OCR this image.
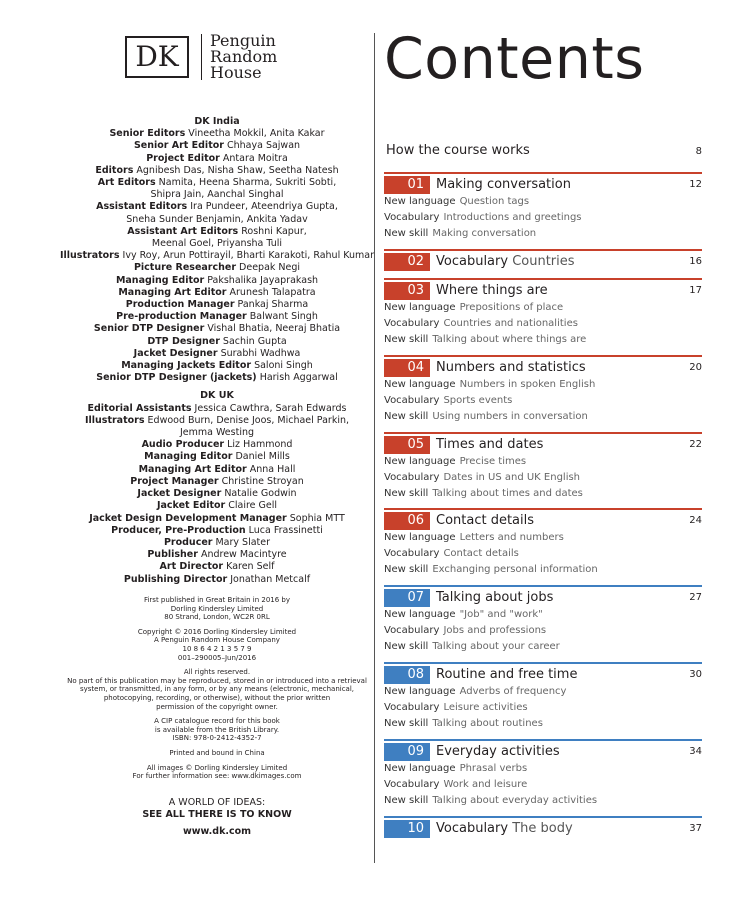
DK Penguin
Random
House
DK India
Senior Editors Vineetha Mokkil, Anita Kakar
Senior Art Editor Chhaya Sajwan
Project Editor Antara Moitra
Editors Agnibesh Das, Nisha Shaw, Seetha Natesh
Art Editors Namita, Heena Sharma, Sukriti Sobti,
Shipra Jain, Aanchal Singhal
Assistant Editors Ira Pundeer, Ateendriya Gupta,
Sneha Sunder Benjamin, Ankita Yadav
Assistant Art Editors Roshni Kapur,
Meenal Goel, Priyansha Tuli
Illustrators Ivy Roy, Arun Pottirayil, Bharti Karakoti, Rahul Kumar
Picture Researcher Deepak Negi
Managing Editor Pakshalika Jayaprakash
Managing Art Editor Arunesh Talapatra
Production Manager Pankaj Sharma
Pre-production Manager Balwant Singh
Senior DTP Designer Vishal Bhatia, Neeraj Bhatia
DTP Designer Sachin Gupta
Jacket Designer Surabhi Wadhwa
Managing Jackets Editor Saloni Singh
Senior DTP Designer (jackets) Harish Aggarwal
DK UK
Editorial Assistants Jessica Cawthra, Sarah Edwards
Illustrators Edwood Burn, Denise Joos, Michael Parkin,
Jemma Westing
Audio Producer Liz Hammond
Managing Editor Daniel Mills
Managing Art Editor Anna Hall
Project Manager Christine Stroyan
Jacket Designer Natalie Godwin
Jacket Editor Claire Gell
Jacket Design Development Manager Sophia MTT
Producer, Pre-Production Luca Frassinetti
Producer Mary Slater
Publisher Andrew Macintyre
Art Director Karen Self
Publishing Director Jonathan Metcalf
First published in Great Britain in 2016 by
Dorling Kindersley Limited
80 Strand, London, WC2R 0RL
Copyright © 2016 Dorling Kindersley Limited
A Penguin Random House Company
10 8 6 4 2 1 3 5 7 9
001–290005–Jun/2016
All rights reserved.
No part of this publication may be reproduced, stored in or introduced into a retrieval
system, or transmitted, in any form, or by any means (electronic, mechanical,
photocopying, recording, or otherwise), without the prior written
permission of the copyright owner.
A CIP catalogue record for this book
is available from the British Library.
ISBN: 978-0-2412-4352-7
Printed and bound in China
All images © Dorling Kindersley Limited
For further information see: www.dkimages.com
A WORLD OF IDEAS:
SEE ALL THERE IS TO KNOW
www.dk.com
Contents
How the course works	8
01 Making conversation	12
New language Question tags
Vocabulary Introductions and greetings
New skill Making conversation
02 Vocabulary Countries	16
03 Where things are	17
New language Prepositions of place
Vocabulary Countries and nationalities
New skill Talking about where things are
04 Numbers and statistics	20
New language Numbers in spoken English
Vocabulary Sports events
New skill Using numbers in conversation
05 Times and dates	22
New language Precise times
Vocabulary Dates in US and UK English
New skill Talking about times and dates
06 Contact details	24
New language Letters and numbers
Vocabulary Contact details
New skill Exchanging personal information
07 Talking about jobs	27
New language "Job" and "work"
Vocabulary Jobs and professions
New skill Talking about your career
08 Routine and free time	30
New language Adverbs of frequency
Vocabulary Leisure activities
New skill Talking about routines
09 Everyday activities	34
New language Phrasal verbs
Vocabulary Work and leisure
New skill Talking about everyday activities
10 Vocabulary The body	37
